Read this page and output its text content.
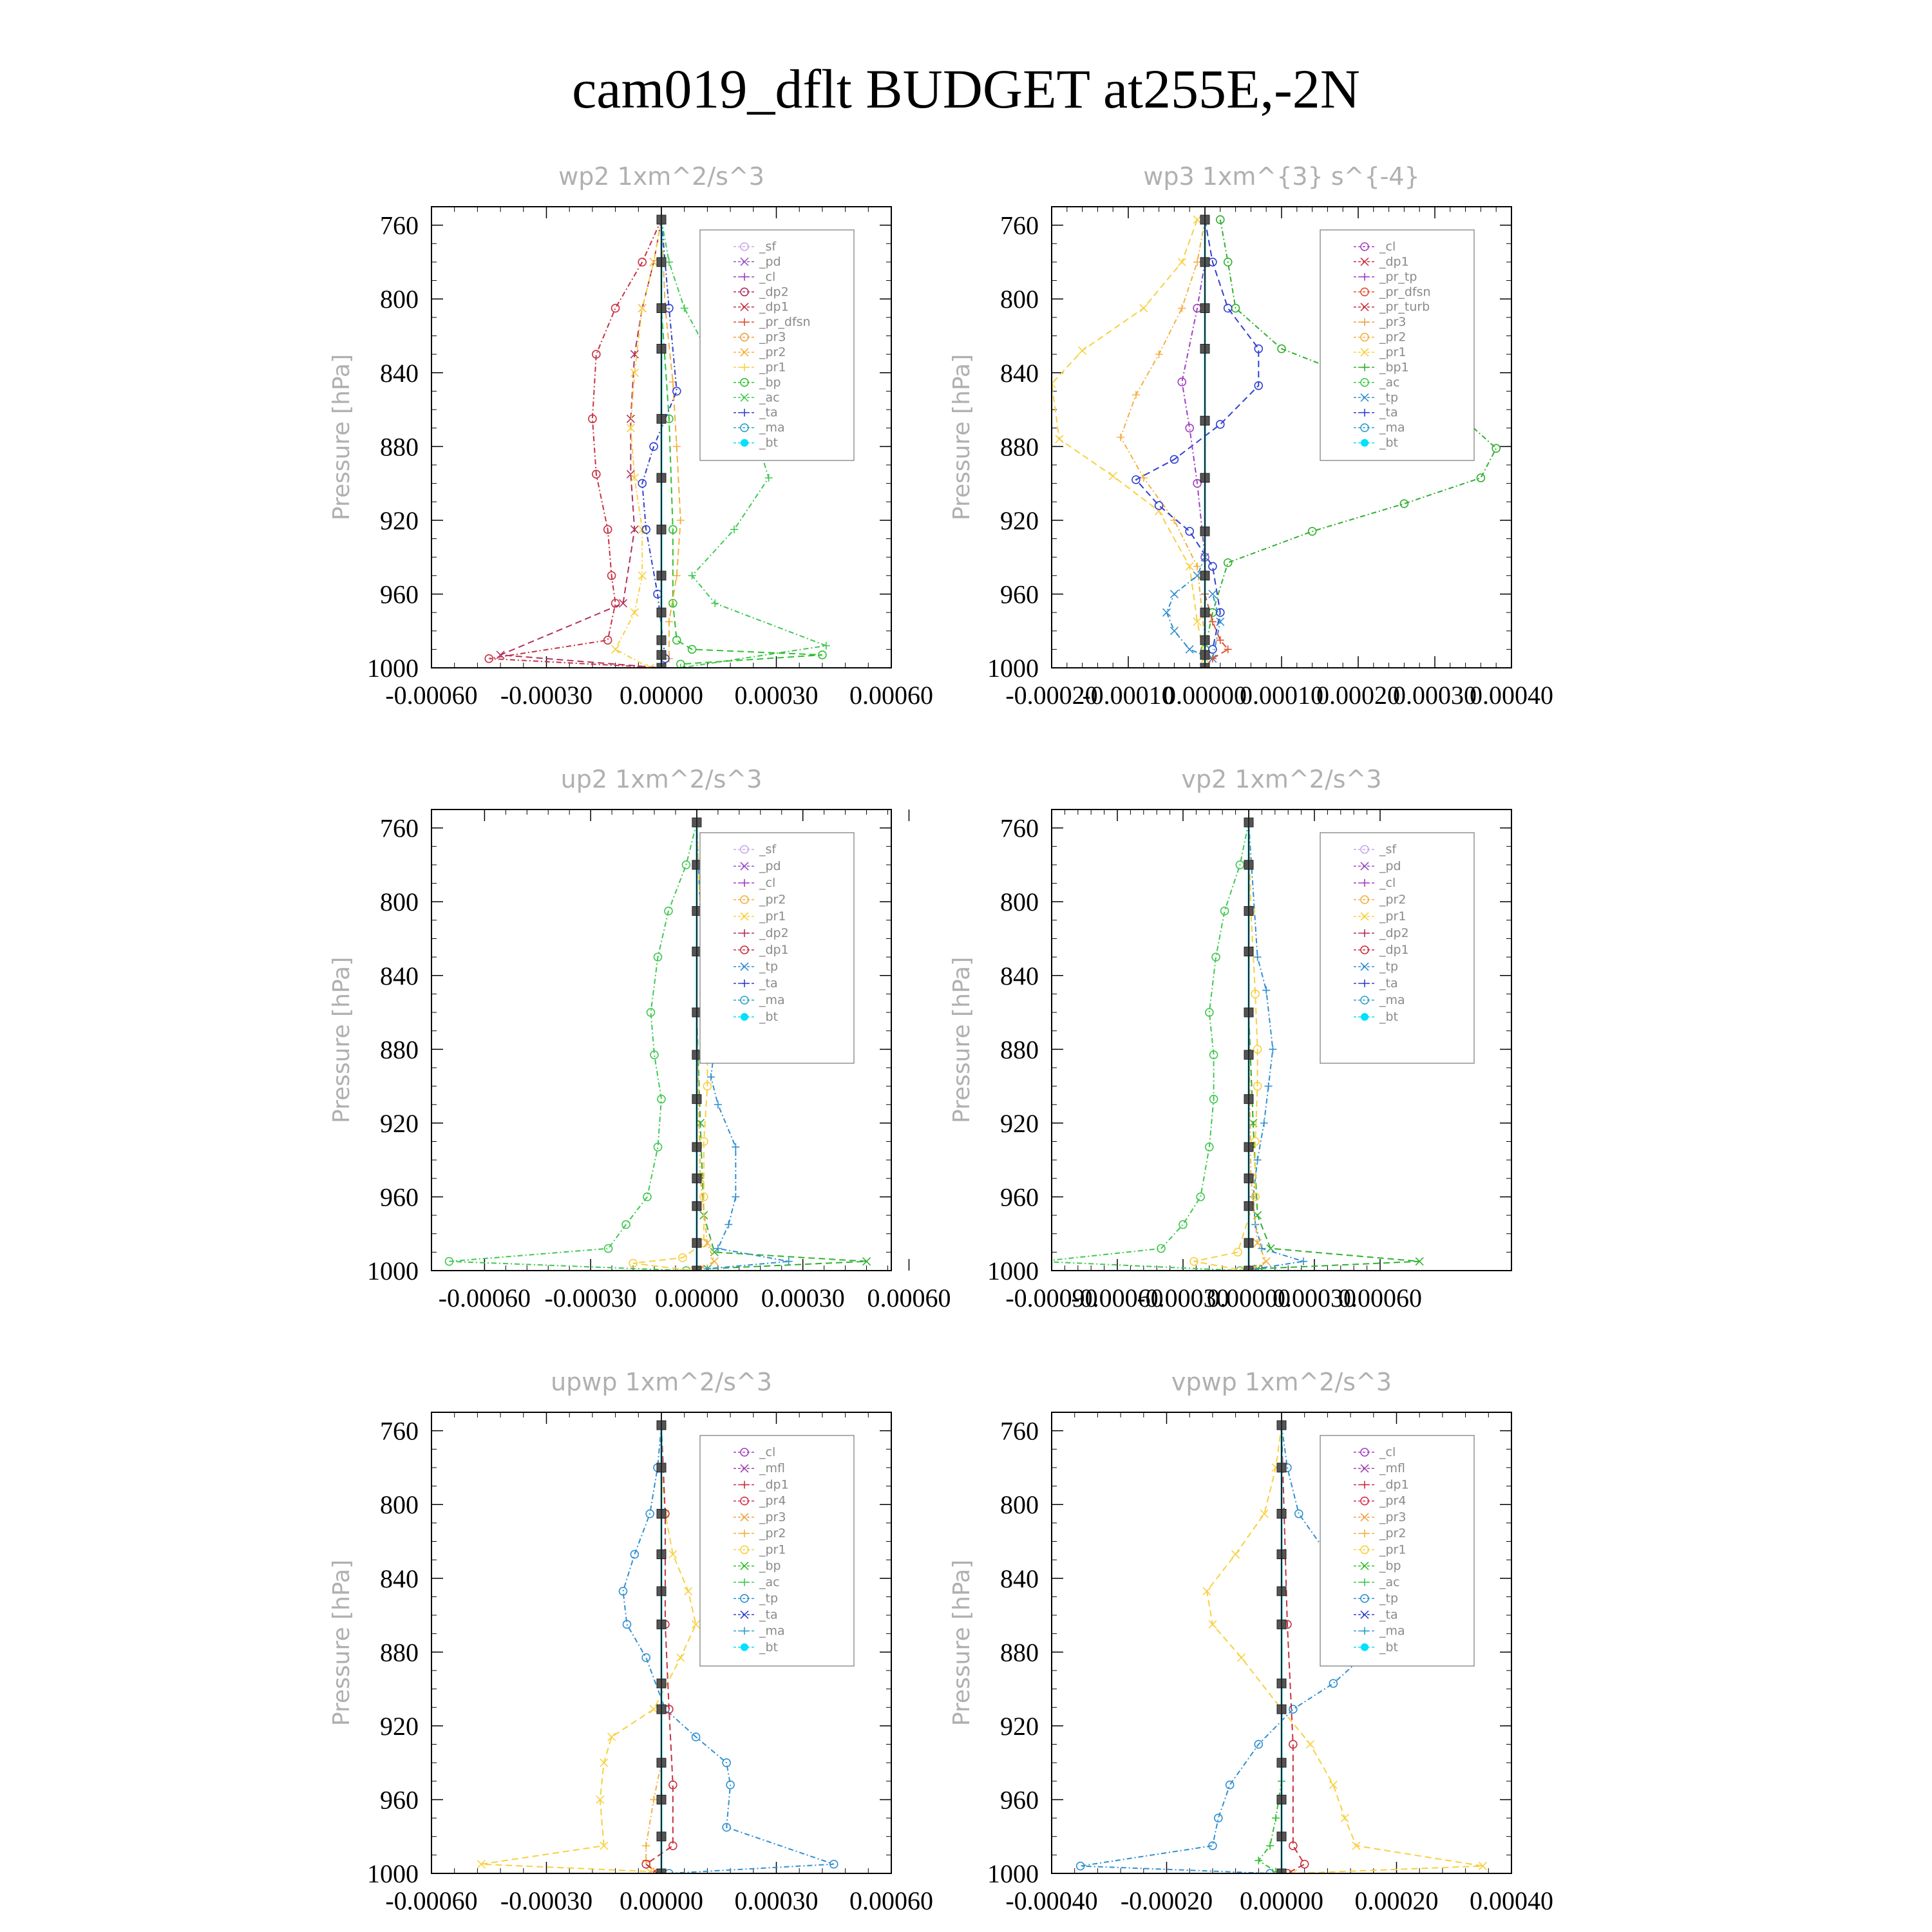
cam019_dflt BUDGET at255E,-2N
wp2 1xm^2/s^3
Pressure [hPa]
760
800
840
880
920
960
1000
-0.00060 -0.00030 0.00000 0.00030 0.00060
_sf
_pd
_cl
_dp2
_dp1
_pr_dfsn
_pr3
_pr2
_pr1
_bp
_ac
_ta
_ma
_bt
wp3 1xm^{3} s^{-4}
Pressure [hPa]
760
800
840
880
920
960
1000
-0.00020
-0.00010
0.00000
0.00010
0.00020
0.00030
0.00040
_cl
_dp1
_pr_tp
_pr_dfsn
_pr_turb
_pr3
_pr2
_pr1
_bp1
_ac
_tp
_ta
_ma
_bt
up2 1xm^2/s^3
Pressure [hPa]
760
800
840
880
920
960
1000
-0.00060 -0.00030 0.00000 0.00030 0.00060
_sf
_pd
_cl
_pr2
_pr1
_dp2
_dp1
_tp
_ta
_ma
_bt
vp2 1xm^2/s^3
Pressure [hPa]
760
800
840
880
920
960
1000
-0.00090
-0.00060
-0.00030
0.00000
0.00030
0.00060
_sf
_pd
_cl
_pr2
_pr1
_dp2
_dp1
_tp
_ta
_ma
_bt
upwp 1xm^2/s^3
Pressure [hPa]
760
800
840
880
920
960
1000
-0.00060 -0.00030 0.00000 0.00030 0.00060
_cl
_mfl
_dp1
_pr4
_pr3
_pr2
_pr1
_bp
_ac
_tp
_ta
_ma
_bt
vpwp 1xm^2/s^3
Pressure [hPa]
760
800
840
880
920
960
1000
-0.00040 -0.00020 0.00000 0.00020 0.00040
_cl
_mfl
_dp1
_pr4
_pr3
_pr2
_pr1
_bp
_ac
_tp
_ta
_ma
_bt
